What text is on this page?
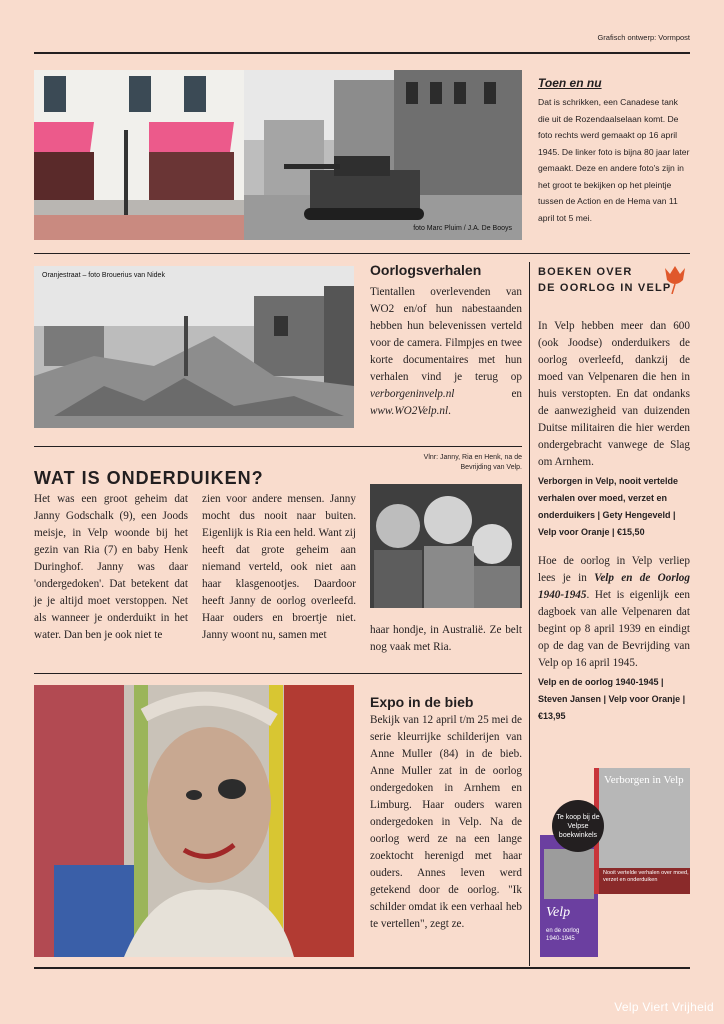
Grafisch ontwerp: Vormpost
foto Marc Pluim / J.A. De Booys
Toen en nu
Dat is schrikken, een Canadese tank die uit de Rozendaalselaan komt. De foto rechts werd gemaakt op 16 april 1945. De linker foto is bijna 80 jaar later gemaakt. Deze en andere foto's zijn in het groot te bekijken op het pleintje tussen de Action en de Hema van 11 april tot 5 mei.
Oranjestraat – foto Brouerius van Nidek	Oorlogsverhalen

Tientallen overlevenden van WO2 en/of hun nabestaanden hebben hun belevenissen verteld voor de camera. Filmpjes en twee korte documentaires met hun verhalen vind je terug op verborgeninvelp.nl en www.WO2Velp.nl.

BOEKEN OVER
DE OORLOG IN VELP

In Velp hebben meer dan 600 (ook Joodse) onderduikers de oorlog overleefd, dankzij de moed van Velpenaren die hen in huis verstopten. En dat ondanks de aanwezigheid van duizenden Duitse militairen die hier werden ondergebracht vanwege de Slag om Arnhem.

Verborgen in Velp, nooit vertelde verhalen over moed, verzet en onderduikers | Gety Hengeveld | Velp voor Oranje | €15,50

Hoe de oorlog in Velp verliep lees je in Velp en de Oorlog 1940-1945. Het is eigenlijk een dagboek van alle Velpenaren dat begint op 8 april 1939 en eindigt op de dag van de Bevrijding van Velp op 16 april 1945.

Velp en de oorlog 1940-1945 | Steven Jansen | Velp voor Oranje | €13,95

Velp
en de oorlog 1940-1945
Verborgen in Velp
Nooit vertelde verhalen over moed, verzet en onderduiken
Te koop bij de Velpse boekwinkels
WAT IS ONDERDUIKEN?

Het was een groot geheim dat Janny Godschalk (9), een Joods meisje, in Velp woonde bij het gezin van Ria (7) en baby Henk Duringhof. Janny was daar 'ondergedoken'. Dat betekent dat je je altijd moet verstoppen. Net als wanneer je onderduikt in het water. Dan ben je ook niet te

zien voor andere mensen. Janny mocht dus nooit naar buiten. Eigenlijk is Ria een held. Want zij heeft dat grote geheim aan niemand verteld, ook niet aan haar klasgenootjes. Daardoor heeft Janny de oorlog overleefd. Haar ouders en broertje niet. Janny woont nu, samen met

Vlnr: Janny, Ria en Henk, na de Bevrijding van Velp.

haar hondje, in Australië. Ze belt nog vaak met Ria.

Expo in de bieb

Bekijk van 12 april t/m 25 mei de serie kleurrijke schilderijen van Anne Muller (84) in de bieb. Anne Muller zat in de oorlog ondergedoken in Arnhem en Limburg. Haar ouders waren ondergedoken in Velp. Na de oorlog werd ze na een lange zoektocht herenigd met haar ouders. Annes leven werd getekend door de oorlog. "Ik schilder omdat ik een verhaal heb te vertellen", zegt ze.

Velp Viert Vrijheid
